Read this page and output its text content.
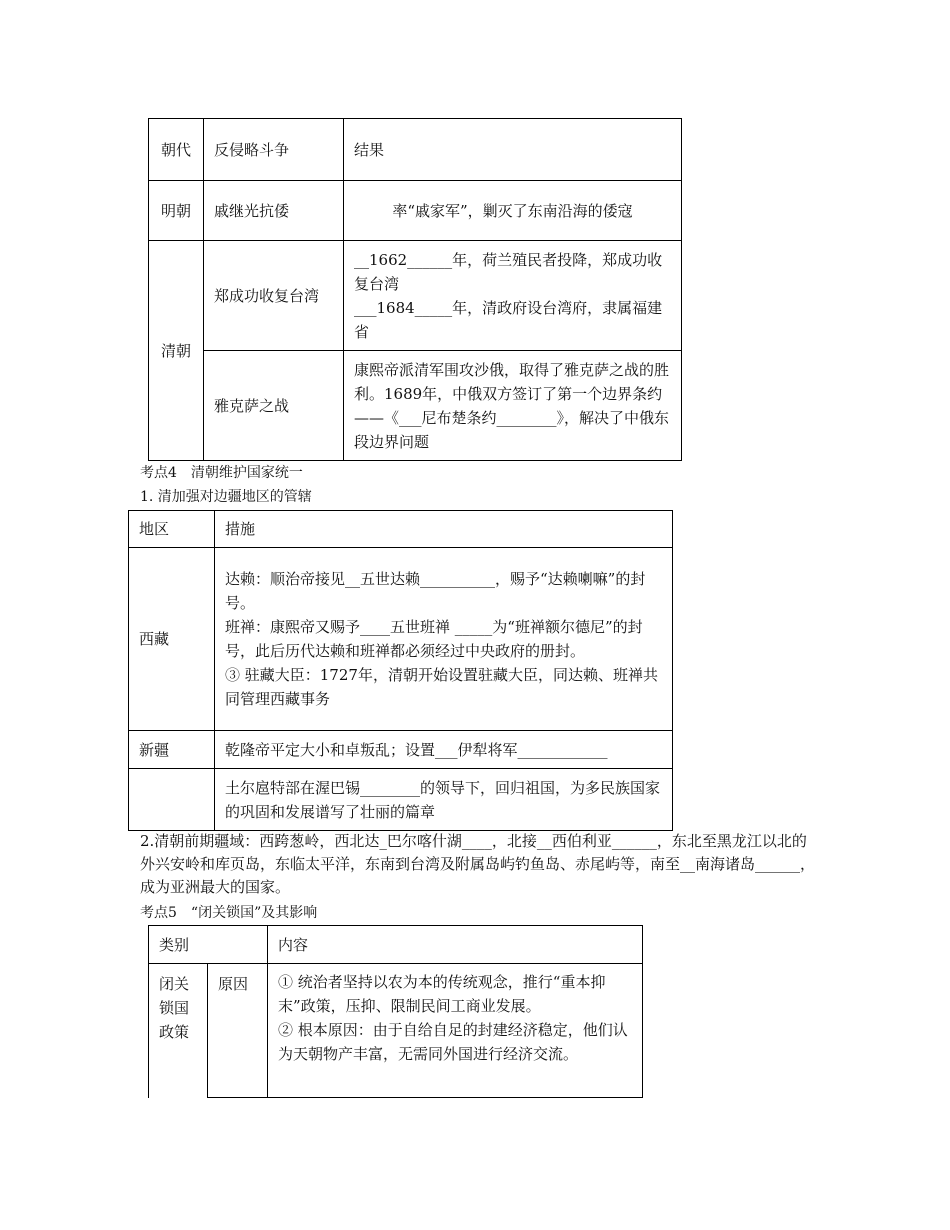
朝代	反侵略斗争	结果
明朝	戚继光抗倭	率“戚家军”，剿灭了东南沿海的倭寇
清朝	郑成功收复台湾	__1662______年，荷兰殖民者投降，郑成功收复台湾
___1684_____年，清政府设台湾府，隶属福建省

	雅克萨之战	康熙帝派清军围攻沙俄，取得了雅克萨之战的胜利。1689年，中俄双方签订了第一个边界条约——《___尼布楚条约________》，解决了中俄东段边界问题
考点4　清朝维护国家统一
1. 清加强对边疆地区的管辖
地区	措施
西藏	达赖：顺治帝接见__五世达赖__________，赐予“达赖喇嘛”的封号。
班禅：康熙帝又赐予____五世班禅 _____为“班禅额尔德尼”的封号，此后历代达赖和班禅都必须经过中央政府的册封。
③ 驻藏大臣：1727年，清朝开始设置驻藏大臣，同达赖、班禅共同管理西藏事务

新疆	乾隆帝平定大小和卓叛乱；设置___伊犁将军____________
	土尔扈特部在渥巴锡________的领导下，回归祖国，为多民族国家的巩固和发展谱写了壮丽的篇章
2.清朝前期疆域：西跨葱岭，西北达_巴尔喀什湖____，北接__西伯利亚______，东北至黑龙江以北的外兴安岭和库页岛，东临太平洋，东南到台湾及附属岛屿钓鱼岛、赤尾屿等，南至__南海诸岛______，成为亚洲最大的国家。
考点5　“闭关锁国”及其影响
类别		内容
闭关锁国政策	原因	① 统治者坚持以农为本的传统观念，推行“重本抑末”政策，压抑、限制民间工商业发展。
② 根本原因：由于自给自足的封建经济稳定，他们认为天朝物产丰富，无需同外国进行经济交流。
